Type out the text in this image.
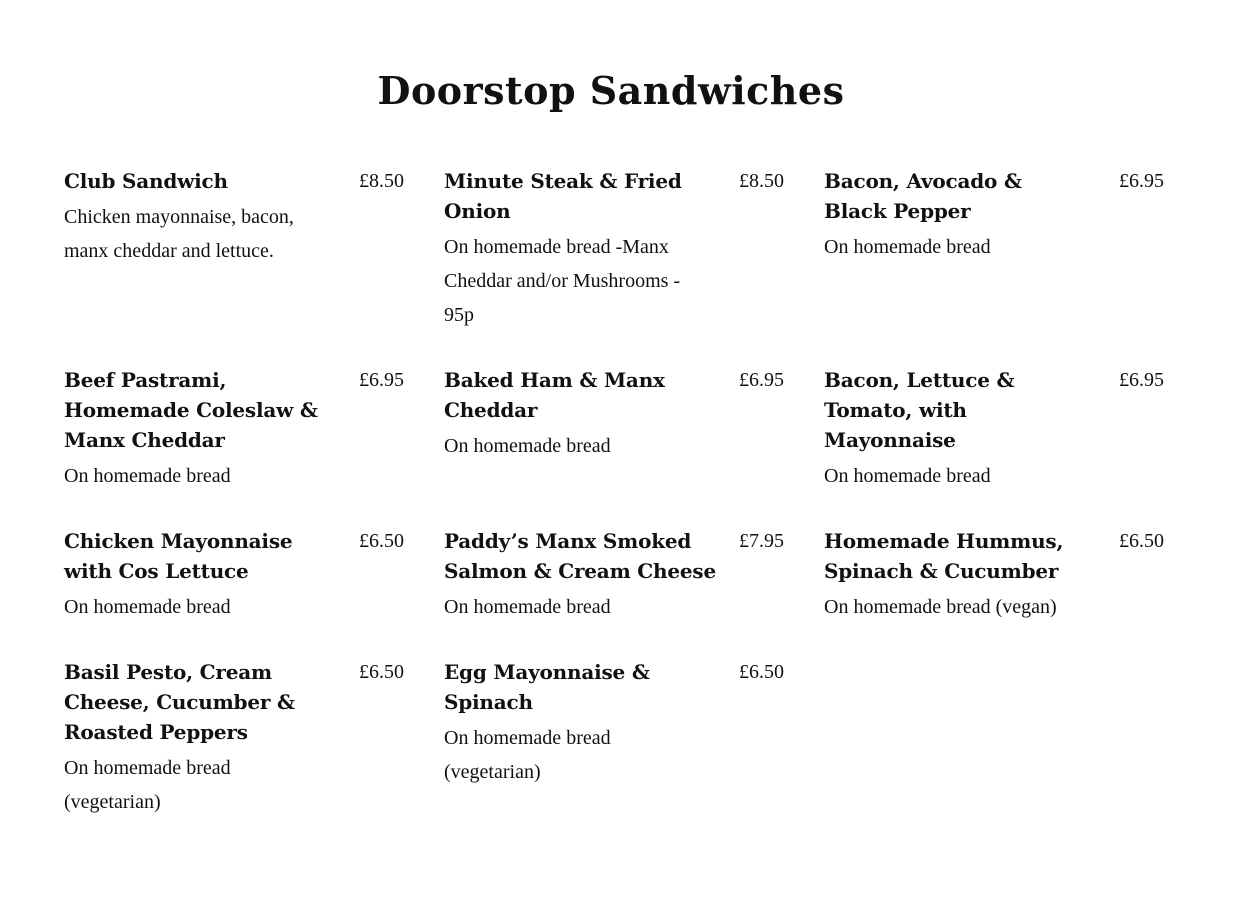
Doorstop Sandwiches
Club Sandwich	£8.50
Chicken mayonnaise, bacon, manx cheddar and lettuce.
Minute Steak & Fried Onion
£8.50
On homemade bread -Manx Cheddar and/or Mushrooms - 95p
Bacon, Avocado & Black Pepper
£6.95
On homemade bread
Beef Pastrami, Homemade Coleslaw & Manx Cheddar
£6.95
On homemade bread
Baked Ham & Manx Cheddar
£6.95
On homemade bread
Bacon, Lettuce & Tomato, with Mayonnaise
£6.95
On homemade bread
Chicken Mayonnaise with Cos Lettuce
£6.50
On homemade bread
Paddy’s Manx Smoked Salmon & Cream Cheese
£7.95
On homemade bread
Homemade Hummus, Spinach & Cucumber
£6.50
On homemade bread (vegan)
Basil Pesto, Cream Cheese, Cucumber & Roasted Peppers
£6.50
On homemade bread (vegetarian)
Egg Mayonnaise & Spinach
£6.50
On homemade bread (vegetarian)
